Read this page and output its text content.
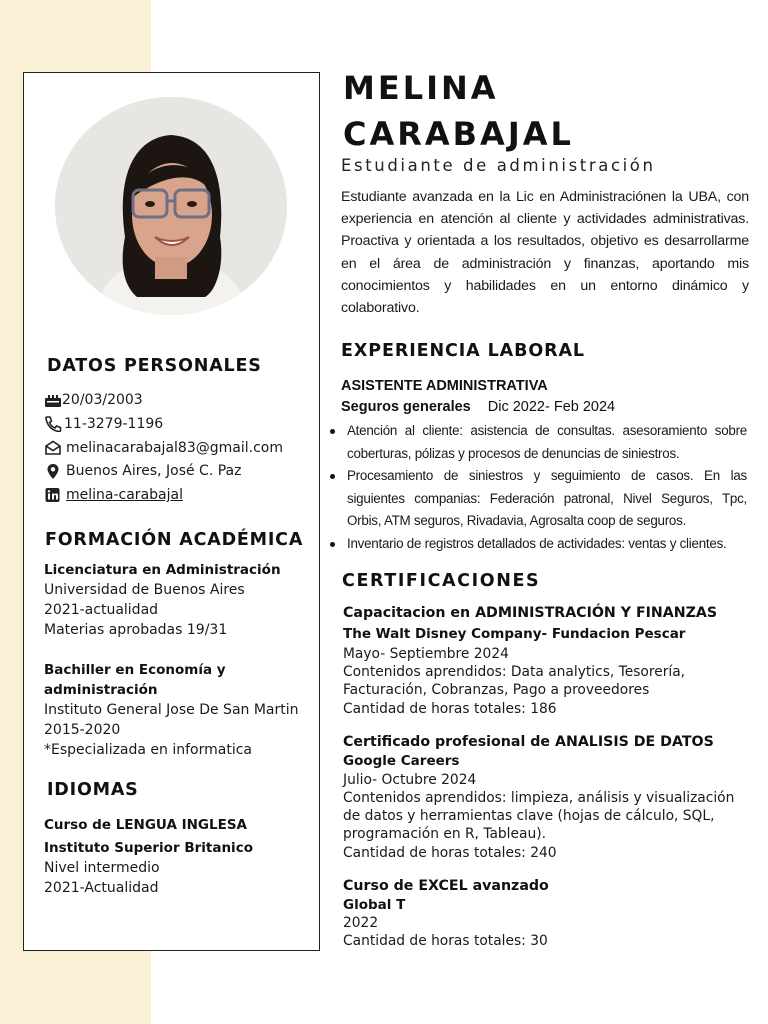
DATOS PERSONALES
20/03/2003
11-3279-1196
melinacarabajal83@gmail.com
Buenos Aires, José C. Paz
melina-carabajal
FORMACIÓN ACADÉMICA
Licenciatura en Administración
Universidad de Buenos Aires
2021-actualidad
Materias aprobadas 19/31
Bachiller en Economía y
administración
Instituto General Jose De San Martin
2015-2020
*Especializada en informatica
IDIOMAS
Curso de LENGUA INGLESA
Instituto Superior Britanico
Nivel intermedio
2021-Actualidad
MELINA
CARABAJAL
Estudiante de administración
Estudiante avanzada en la Lic en Administraciónen la UBA, con experiencia en atención al cliente y actividades administrativas. Proactiva y orientada a los resultados, objetivo es desarrollarme en el área de administración y finanzas, aportando mis conocimientos y habilidades en un entorno dinámico y colaborativo.
EXPERIENCIA LABORAL
ASISTENTE ADMINISTRATIVA
Seguros generales Dic 2022- Feb 2024
Atención al cliente: asistencia de consultas. asesoramiento sobre coberturas, pólizas y procesos de denuncias de siniestros.
Procesamiento de siniestros y seguimiento de casos. En las siguientes companias: Federación patronal, Nivel Seguros, Tpc, Orbis, ATM seguros, Rivadavia, Agrosalta coop de seguros.
Inventario de registros detallados de actividades: ventas y clientes.
CERTIFICACIONES
Capacitacion en ADMINISTRACIÓN Y FINANZAS
The Walt Disney Company- Fundacion Pescar
Mayo- Septiembre 2024
Contenidos aprendidos: Data analytics, Tesorería, Facturación, Cobranzas, Pago a proveedores
Cantidad de horas totales: 186
Certificado profesional de ANALISIS DE DATOS
Google Careers
Julio- Octubre 2024
Contenidos aprendidos: limpieza, análisis y visualización de datos y herramientas clave (hojas de cálculo, SQL, programación en R, Tableau).
Cantidad de horas totales: 240
Curso de EXCEL avanzado
Global T
2022
Cantidad de horas totales: 30
